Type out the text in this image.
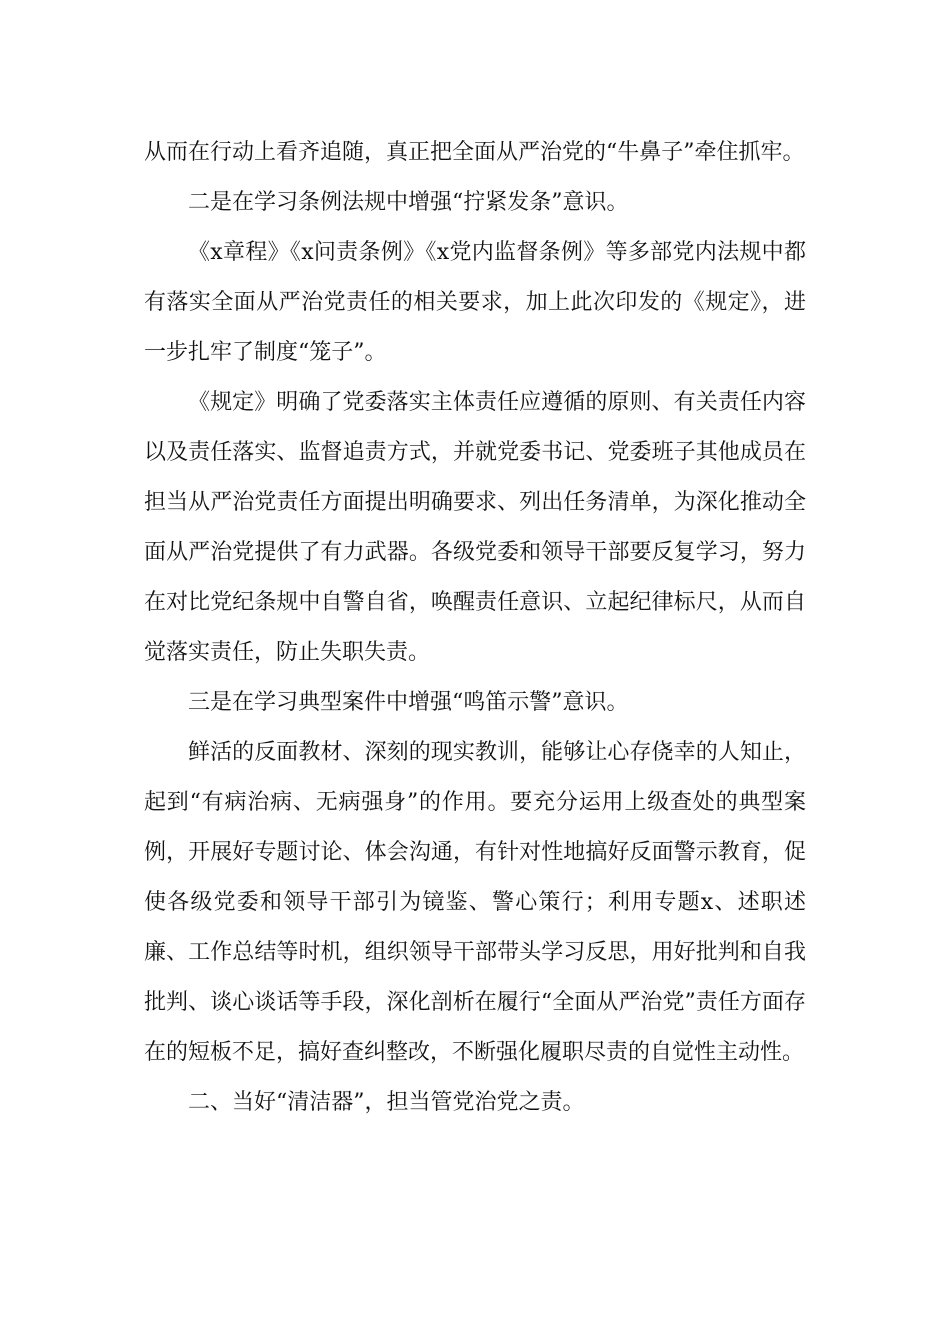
从而在行动上看齐追随，真正把全面从严治党的“牛鼻子”牵住抓牢。

二是在学习条例法规中增强“拧紧发条”意识。

《x章程》《x问责条例》《x党内监督条例》等多部党内法规中都有落实全面从严治党责任的相关要求，加上此次印发的《规定》，进一步扎牢了制度“笼子”。

《规定》明确了党委落实主体责任应遵循的原则、有关责任内容以及责任落实、监督追责方式，并就党委书记、党委班子其他成员在担当从严治党责任方面提出明确要求、列出任务清单，为深化推动全面从严治党提供了有力武器。各级党委和领导干部要反复学习，努力在对比党纪条规中自警自省，唤醒责任意识、立起纪律标尺，从而自觉落实责任，防止失职失责。

三是在学习典型案件中增强“鸣笛示警”意识。

鲜活的反面教材、深刻的现实教训，能够让心存侥幸的人知止，起到“有病治病、无病强身”的作用。要充分运用上级查处的典型案例，开展好专题讨论、体会沟通，有针对性地搞好反面警示教育，促使各级党委和领导干部引为镜鉴、警心策行；利用专题x、述职述廉、工作总结等时机，组织领导干部带头学习反思，用好批判和自我批判、谈心谈话等手段，深化剖析在履行“全面从严治党”责任方面存在的短板不足，搞好查纠整改，不断强化履职尽责的自觉性主动性。

二、当好“清洁器”，担当管党治党之责。
